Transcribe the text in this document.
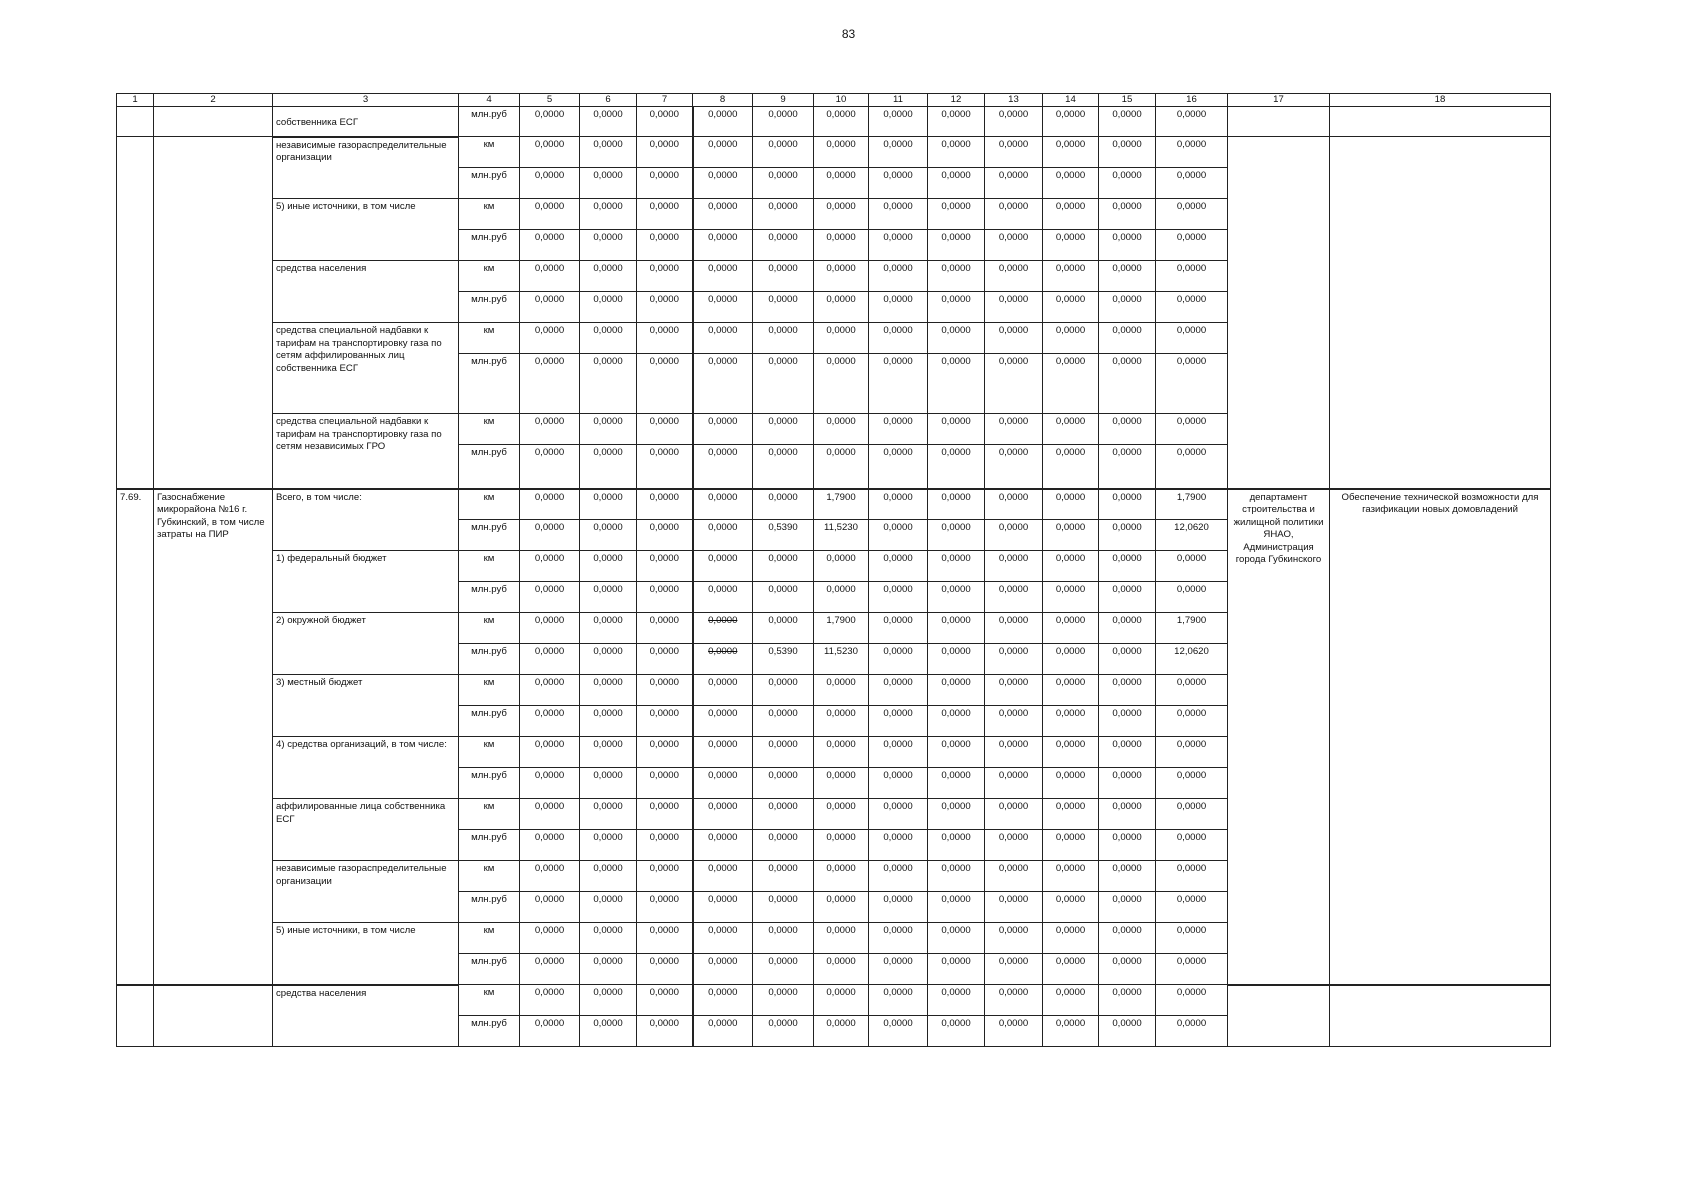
83
1	2	3	4	5	6	7	8	9	10	11	12	13	14	15	16	17	18
		собственника ЕСГ	млн.руб	0,0000	0,0000	0,0000	0,0000	0,0000	0,0000	0,0000	0,0000	0,0000	0,0000	0,0000	0,0000		
		независимые газораспределительные организации	км	0,0000	0,0000	0,0000	0,0000	0,0000	0,0000	0,0000	0,0000	0,0000	0,0000	0,0000	0,0000		
			млн.руб	0,0000	0,0000	0,0000	0,0000	0,0000	0,0000	0,0000	0,0000	0,0000	0,0000	0,0000	0,0000		
		5) иные источники, в том числе	км	0,0000	0,0000	0,0000	0,0000	0,0000	0,0000	0,0000	0,0000	0,0000	0,0000	0,0000	0,0000		
			млн.руб	0,0000	0,0000	0,0000	0,0000	0,0000	0,0000	0,0000	0,0000	0,0000	0,0000	0,0000	0,0000		
		средства населения	км	0,0000	0,0000	0,0000	0,0000	0,0000	0,0000	0,0000	0,0000	0,0000	0,0000	0,0000	0,0000		
			млн.руб	0,0000	0,0000	0,0000	0,0000	0,0000	0,0000	0,0000	0,0000	0,0000	0,0000	0,0000	0,0000		
		средства специальной надбавки к тарифам на транспортировку газа по сетям аффилированных лиц собственника ЕСГ	км	0,0000	0,0000	0,0000	0,0000	0,0000	0,0000	0,0000	0,0000	0,0000	0,0000	0,0000	0,0000		
			млн.руб	0,0000	0,0000	0,0000	0,0000	0,0000	0,0000	0,0000	0,0000	0,0000	0,0000	0,0000	0,0000		
		средства специальной надбавки к тарифам на транспортировку газа по сетям независимых ГРО	км	0,0000	0,0000	0,0000	0,0000	0,0000	0,0000	0,0000	0,0000	0,0000	0,0000	0,0000	0,0000		
			млн.руб	0,0000	0,0000	0,0000	0,0000	0,0000	0,0000	0,0000	0,0000	0,0000	0,0000	0,0000	0,0000		
7.69.	Газоснабжение микрорайона №16 г. Губкинский, в том числе затраты на ПИР	Всего, в том числе:	км	0,0000	0,0000	0,0000	0,0000	0,0000	1,7900	0,0000	0,0000	0,0000	0,0000	0,0000	1,7900	департамент строительства и жилищной политики ЯНАО, Администрация города Губкинского	Обеспечение технической возможности для газификации новых домовладений
			млн.руб	0,0000	0,0000	0,0000	0,0000	0,5390	11,5230	0,0000	0,0000	0,0000	0,0000	0,0000	12,0620		
		1) федеральный бюджет	км	0,0000	0,0000	0,0000	0,0000	0,0000	0,0000	0,0000	0,0000	0,0000	0,0000	0,0000	0,0000		
			млн.руб	0,0000	0,0000	0,0000	0,0000	0,0000	0,0000	0,0000	0,0000	0,0000	0,0000	0,0000	0,0000		
		2) окружной бюджет	км	0,0000	0,0000	0,0000	0,0000	0,0000	1,7900	0,0000	0,0000	0,0000	0,0000	0,0000	1,7900		
			млн.руб	0,0000	0,0000	0,0000	0,0000	0,5390	11,5230	0,0000	0,0000	0,0000	0,0000	0,0000	12,0620		
		3) местный бюджет	км	0,0000	0,0000	0,0000	0,0000	0,0000	0,0000	0,0000	0,0000	0,0000	0,0000	0,0000	0,0000		
			млн.руб	0,0000	0,0000	0,0000	0,0000	0,0000	0,0000	0,0000	0,0000	0,0000	0,0000	0,0000	0,0000		
		4) средства организаций, в том числе:	км	0,0000	0,0000	0,0000	0,0000	0,0000	0,0000	0,0000	0,0000	0,0000	0,0000	0,0000	0,0000		
			млн.руб	0,0000	0,0000	0,0000	0,0000	0,0000	0,0000	0,0000	0,0000	0,0000	0,0000	0,0000	0,0000		
		аффилированные лица собственника ЕСГ	км	0,0000	0,0000	0,0000	0,0000	0,0000	0,0000	0,0000	0,0000	0,0000	0,0000	0,0000	0,0000		
			млн.руб	0,0000	0,0000	0,0000	0,0000	0,0000	0,0000	0,0000	0,0000	0,0000	0,0000	0,0000	0,0000		
		независимые газораспределительные организации	км	0,0000	0,0000	0,0000	0,0000	0,0000	0,0000	0,0000	0,0000	0,0000	0,0000	0,0000	0,0000		
			млн.руб	0,0000	0,0000	0,0000	0,0000	0,0000	0,0000	0,0000	0,0000	0,0000	0,0000	0,0000	0,0000		
		5) иные источники, в том числе	км	0,0000	0,0000	0,0000	0,0000	0,0000	0,0000	0,0000	0,0000	0,0000	0,0000	0,0000	0,0000		
			млн.руб	0,0000	0,0000	0,0000	0,0000	0,0000	0,0000	0,0000	0,0000	0,0000	0,0000	0,0000	0,0000		
		средства населения	км	0,0000	0,0000	0,0000	0,0000	0,0000	0,0000	0,0000	0,0000	0,0000	0,0000	0,0000	0,0000		
			млн.руб	0,0000	0,0000	0,0000	0,0000	0,0000	0,0000	0,0000	0,0000	0,0000	0,0000	0,0000	0,0000		
